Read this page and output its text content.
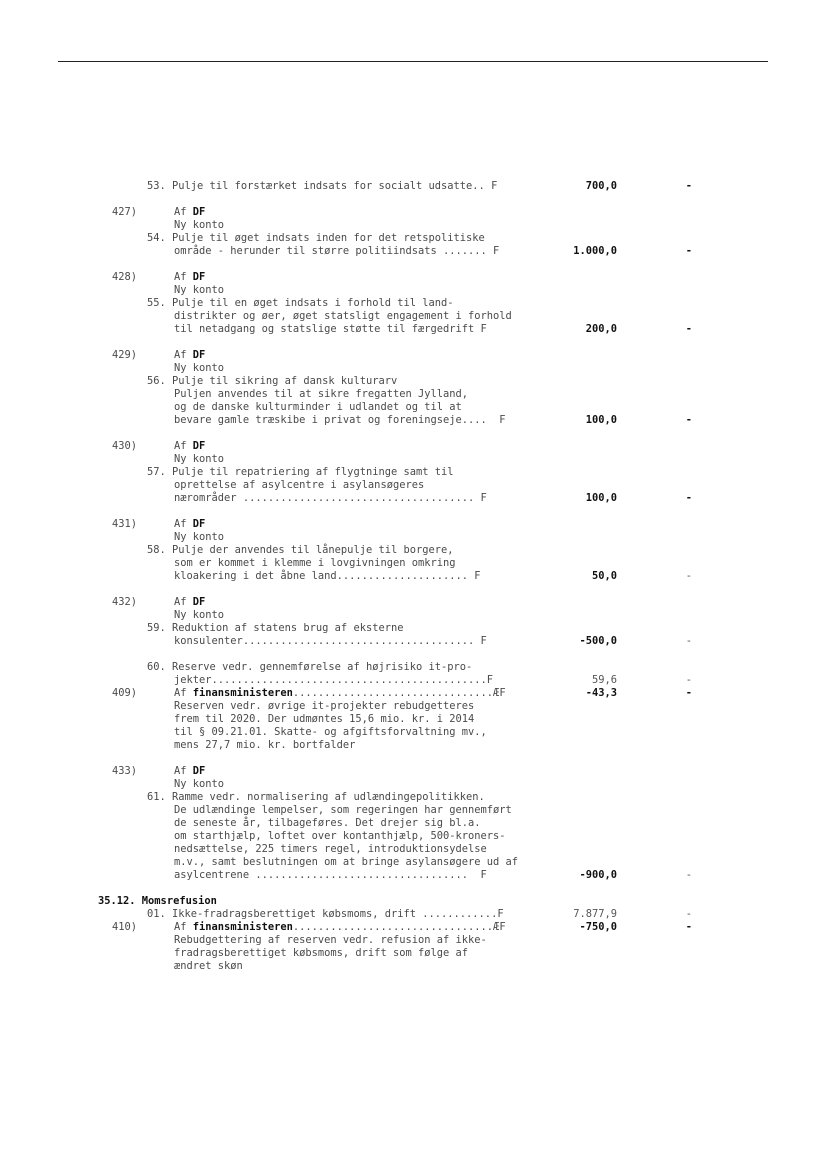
53. Pulje til forstærket indsats for socialt udsatte.. F	700,0	-
427)	Af DF
Ny konto
54. Pulje til øget indsats inden for det retspolitiske
område - herunder til større politiindsats ....... F	1.000,0	-
428)	Af DF
Ny konto
55. Pulje til en øget indsats i forhold til land-
distrikter og øer, øget statsligt engagement i forhold
til netadgang og statslige støtte til færgedrift F	200,0	-
429)	Af DF
Ny konto
56. Pulje til sikring af dansk kulturarv
Puljen anvendes til at sikre fregatten Jylland,
og de danske kulturminder i udlandet og til at
bevare gamle træskibe i privat og foreningseje....  F	100,0	-
430)	Af DF
Ny konto
57. Pulje til repatriering af flygtninge samt til
oprettelse af asylcentre i asylansøgeres
nærområder ..................................... F	100,0	-
431)	Af DF
Ny konto
58. Pulje der anvendes til lånepulje til borgere,
som er kommet i klemme i lovgivningen omkring
kloakering i det åbne land..................... F	50,0	-
432)	Af DF
Ny konto
59. Reduktion af statens brug af eksterne
konsulenter..................................... F	-500,0	-
60. Reserve vedr. gennemførelse af højrisiko it-pro-
jekter............................................F	59,6	-
409)	Af finansministeren................................ÆF	-43,3	-
Reserven vedr. øvrige it-projekter rebudgetteres
frem til 2020. Der udmøntes 15,6 mio. kr. i 2014
til § 09.21.01. Skatte- og afgiftsforvaltning mv.,
mens 27,7 mio. kr. bortfalder
433)	Af DF
Ny konto
61. Ramme vedr. normalisering af udlændingepolitikken.
De udlændinge lempelser, som regeringen har gennemført
de seneste år, tilbageføres. Det drejer sig bl.a.
om starthjælp, loftet over kontanthjælp, 500-kroners-
nedsættelse, 225 timers regel, introduktionsydelse
m.v., samt beslutningen om at bringe asylansøgere ud af
asylcentrene ..................................  F	-900,0	-
35.12. Momsrefusion
01. Ikke-fradragsberettiget købsmoms, drift ............F	7.877,9	-
410)	Af finansministeren................................ÆF	-750,0	-
Rebudgettering af reserven vedr. refusion af ikke-
fradragsberettiget købsmoms, drift som følge af
ændret skøn
